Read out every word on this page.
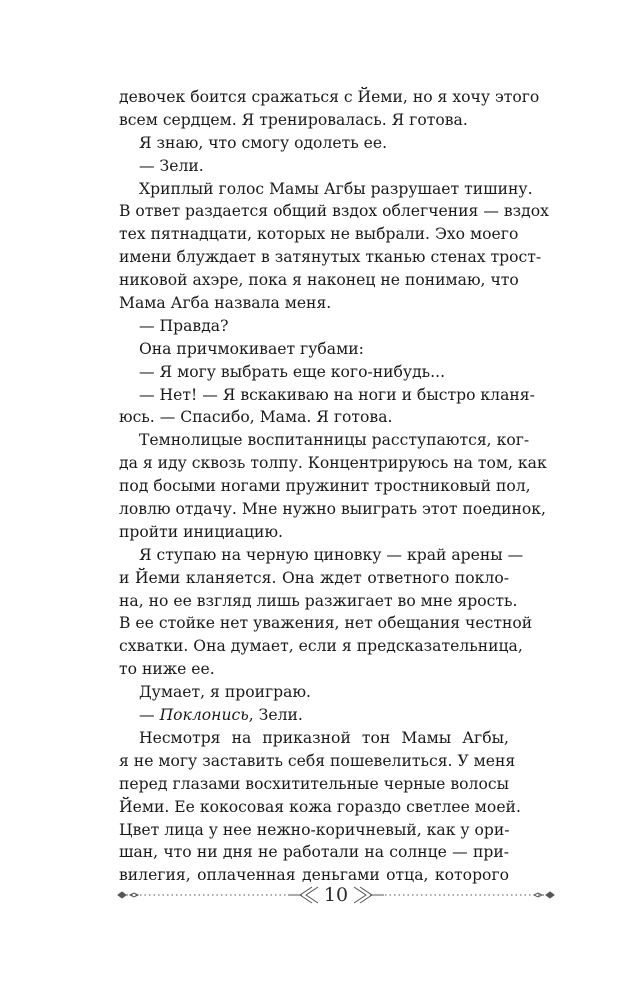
девочек боится сражаться с Йеми, но я хочу этого
всем сердцем. Я тренировалась. Я готова.
Я знаю, что смогу одолеть ее.
— Зели.
Хриплый голос Мамы Агбы разрушает тишину.
В ответ раздается общий вздох облегчения — вздох
тех пятнадцати, которых не выбрали. Эхо моего
имени блуждает в затянутых тканью стенах трост-
никовой ахэре, пока я наконец не понимаю, что
Мама Агба назвала меня.
— Правда?
Она причмокивает губами:
— Я могу выбрать еще кого-нибудь...
— Нет! — Я вскакиваю на ноги и быстро кланя-
юсь. — Спасибо, Мама. Я готова.
Темнолицые воспитанницы расступаются, ког-
да я иду сквозь толпу. Концентрируюсь на том, как
под босыми ногами пружинит тростниковый пол,
ловлю отдачу. Мне нужно выиграть этот поединок,
пройти инициацию.
Я ступаю на черную циновку — край арены —
и Йеми кланяется. Она ждет ответного покло-
на, но ее взгляд лишь разжигает во мне ярость.
В ее стойке нет уважения, нет обещания честной
схватки. Она думает, если я предсказательница,
то ниже ее.
Думает, я проиграю.
— Поклонись, Зели.
Несмотря на приказной тон Мамы Агбы,
я не могу заставить себя пошевелиться. У меня
перед глазами восхитительные черные волосы
Йеми. Ее кокосовая кожа гораздо светлее моей.
Цвет лица у нее нежно-коричневый, как у ори-
шан, что ни дня не работали на солнце — при-
вилегия, оплаченная деньгами отца, которого
10
